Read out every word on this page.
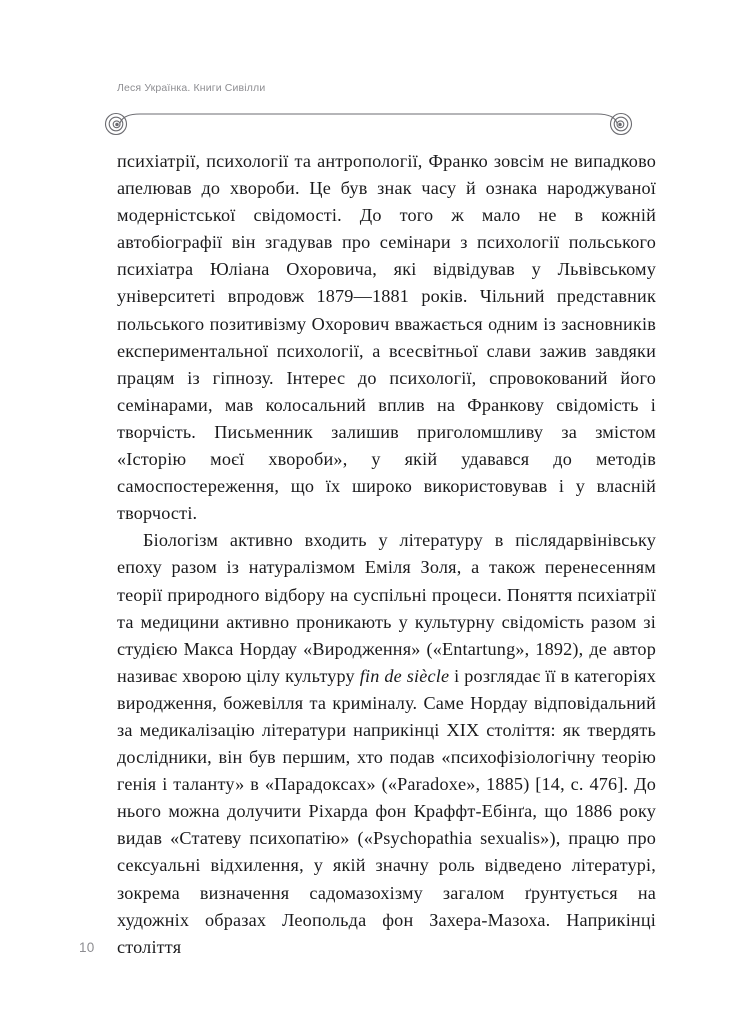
Леся Українка. Книги Сивілли

психіатрії, психології та антропології, Франко зовсім не випадково апелював до хвороби. Це був знак часу й ознака народжуваної модерністської свідомості. До того ж мало не в кожній автобіографії він згадував про семінари з психології польського психіатра Юліана Охоровича, які відвідував у Львівському університеті впродовж 1879—1881 років. Чільний представник польського позитивізму Охорович вважається одним із засновників експериментальної психології, а всесвітньої слави зажив завдяки працям із гіпнозу. Інтерес до психології, спровокований його семінарами, мав колосальний вплив на Франкову свідомість і творчість. Письменник залишив приголомшливу за змістом «Історію моєї хвороби», у якій удавався до методів самоспостереження, що їх широко використовував і у власній творчості.

Біологізм активно входить у літературу в післядарвінівську епоху разом із натуралізмом Еміля Золя, а також перенесенням теорії природного відбору на суспільні процеси. Поняття психіатрії та медицини активно проникають у культурну свідомість разом зі студією Макса Нордау «Виродження» («Entartung», 1892), де автор називає хворою цілу культуру fin de siècle і розглядає її в категоріях виродження, божевілля та криміналу. Саме Нордау відповідальний за медикалізацію літератури наприкінці XIX століття: як твердять дослідники, він був першим, хто подав «психофізіологічну теорію генія і таланту» в «Парадоксах» («Paradoxe», 1885) [14, с. 476]. До нього можна долучити Ріхарда фон Краффт-Ебінґа, що 1886 року видав «Статеву психопатію» («Psychopathia sexualis»), працю про сексуальні відхилення, у якій значну роль відведено літературі, зокрема визначення садомазохізму загалом ґрунтується на художніх образах Леопольда фон Захера-Мазоха. Наприкінці століття

10
